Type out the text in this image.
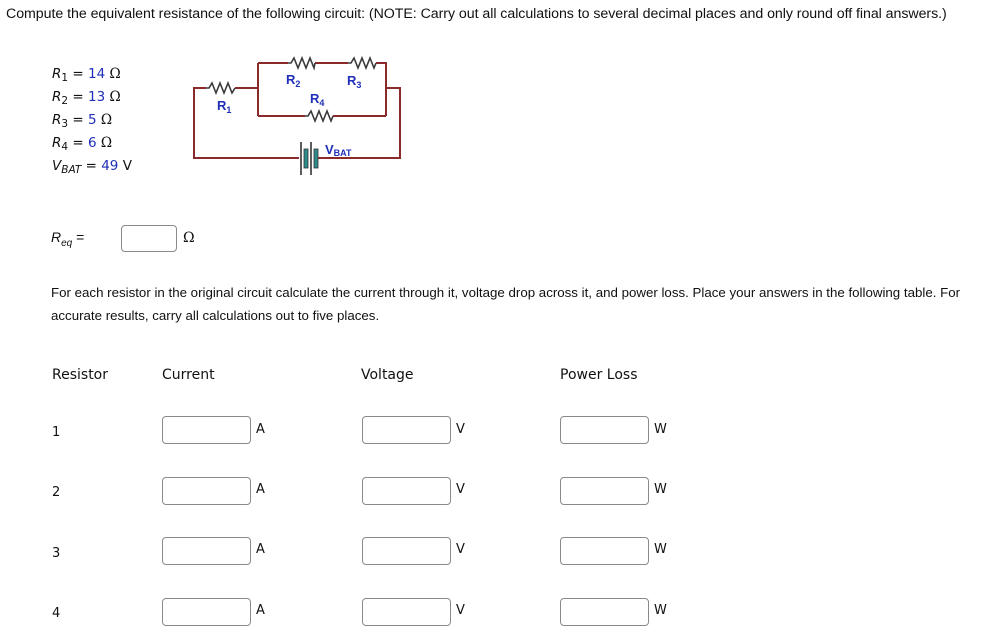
Compute the equivalent resistance of the following circuit: (NOTE: Carry out all calculations to several decimal places and only round off final answers.)
$R_1 = 14$ Ω
$R_2 = 13$ Ω
$R_3 = 5$ Ω
$R_4 = 6$ Ω
$V_{BAT} = 49$ V
$R_1$
$R_2$	$R_3$
$R_4$
VBAT
$R_{eq}$ =	Ω
For each resistor in the original circuit calculate the current through it, voltage drop across it, and power loss. Place your answers in the following table. For accurate results, carry all calculations out to five places.
Resistor	Current	Voltage	Power Loss
1	A	V	W
2	A	V	W
3	A	V	W
4	A	V	W
